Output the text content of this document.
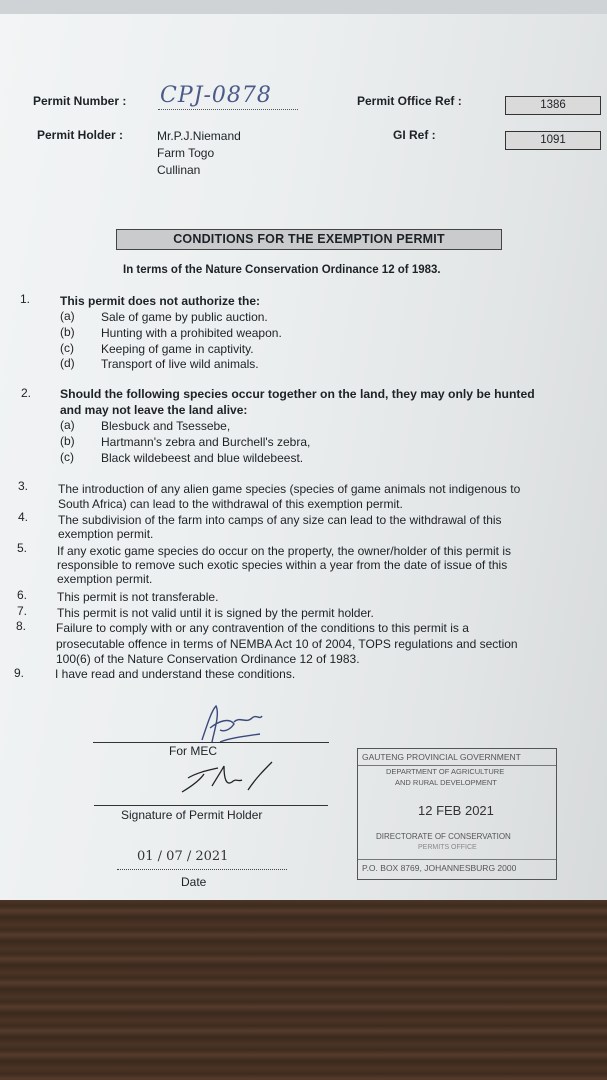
Permit Number : CPJ-0878	Permit Office Ref :	1386
Permit Holder :	Mr.P.J.Niemand
Farm Togo
Cullinan
GI Ref :	1091
CONDITIONS FOR THE EXEMPTION PERMIT
In terms of the Nature Conservation Ordinance 12 of 1983.
1. This permit does not authorize the:
(a) Sale of game by public auction.
(b) Hunting with a prohibited weapon.
(c) Keeping of game in captivity.
(d) Transport of live wild animals.
2. Should the following species occur together on the land, they may only be hunted
and may not leave the land alive:
(a) Blesbuck and Tsessebe,
(b) Hartmann's zebra and Burchell's zebra,
(c) Black wildebeest and blue wildebeest.
3. The introduction of any alien game species (species of game animals not indigenous to
South Africa) can lead to the withdrawal of this exemption permit.
4. The subdivision of the farm into camps of any size can lead to the withdrawal of this
exemption permit.
5. If any exotic game species do occur on the property, the owner/holder of this permit is
responsible to remove such exotic species within a year from the date of issue of this
exemption permit.
6. This permit is not transferable.
7. This permit is not valid until it is signed by the permit holder.
8. Failure to comply with or any contravention of the conditions to this permit is a
prosecutable offence in terms of NEMBA Act 10 of 2004, TOPS regulations and section
100(6) of the Nature Conservation Ordinance 12 of 1983.
9.	I have read and understand these conditions.
For MEC
Signature of Permit Holder
01 / 07 / 2021
Date
GAUTENG PROVINCIAL GOVERNMENT
DEPARTMENT OF AGRICULTURE
AND RURAL DEVELOPMENT
12 FEB 2021
DIRECTORATE OF CONSERVATION
PERMITS OFFICE
P.O. BOX 8769, JOHANNESBURG 2000
